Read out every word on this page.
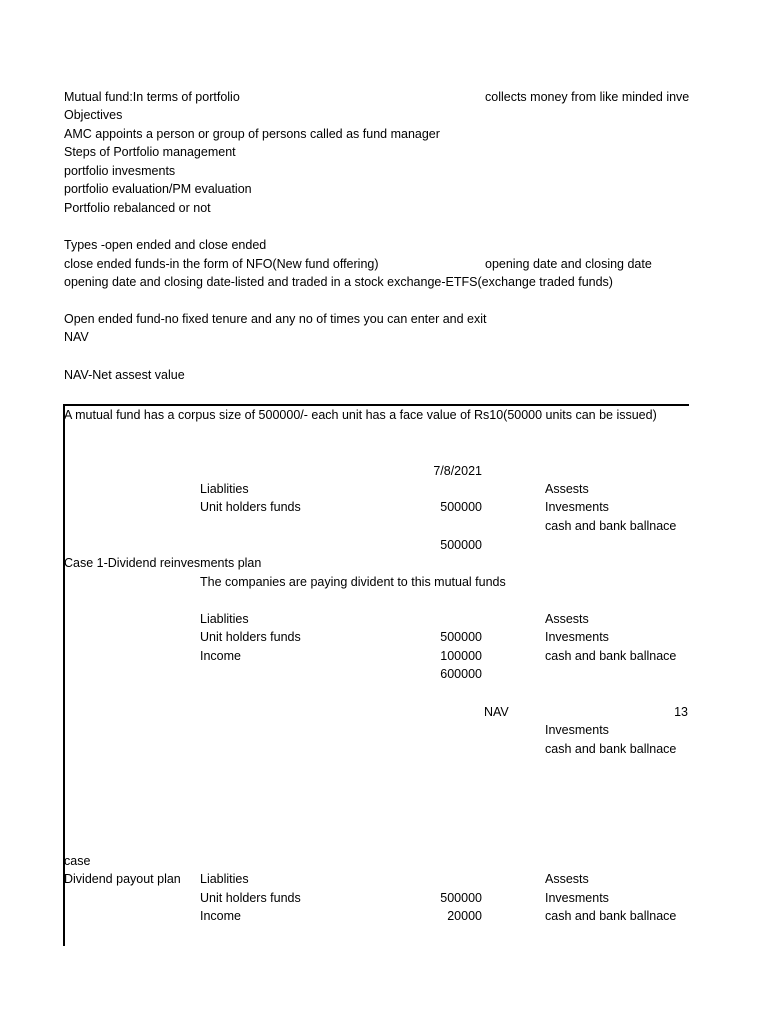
Mutual fund:In terms of portfolio	collects money from like minded inve
Objectives
AMC appoints a person or group of persons called as fund manager
Steps of Portfolio management
portfolio invesments
portfolio evaluation/PM evaluation
Portfolio rebalanced or not
Types -open ended and close ended
close ended funds-in the form of NFO(New fund offering)	opening date and closing date
opening date and closing date-listed and traded in a stock exchange-ETFS(exchange traded funds)
Open ended fund-no fixed tenure and any no of times you can enter and exit
NAV
NAV-Net assest value
A mutual fund has a corpus size of 500000/- each unit has a face value of Rs10(50000 units can be issued)
7/8/2021
Liablities	Assests
Unit holders funds	500000	Invesments
cash and bank ballnace
500000
Case 1-Dividend reinvesments plan
The companies are paying divident to this mutual funds
Liablities	Assests
Unit holders funds	500000	Invesments
Income	100000	cash and bank ballnace
600000
NAV	13
Invesments
cash and bank ballnace
case
Dividend payout plan Liablities	Assests
Unit holders funds	500000	Invesments
Income	20000	cash and bank ballnace
